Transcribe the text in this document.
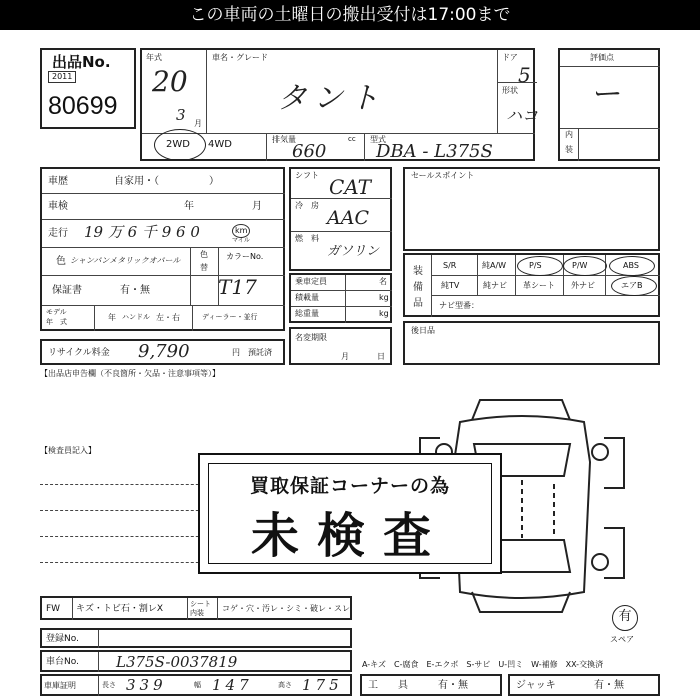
この車両の土曜日の搬出受付は17:00まで
出品No.
2011
80699
年式
20
3 月
車名・グレード
タント
ドア
5
形状
ハコ
2WD 4WD	排気量	cc
660
型式
DBA - L375S
評価点
ー
内
装
車歴	自家用・（　　　　　）
車検	年	月
走行 19 万 6 千 9 6 0	km
マイル
色 シャンパンメタリックオパール
色
替
カラーNo.
保証書	有・無	T17
モデル
年　式	年 ハンドル 左・右	ディーラー・並行
リサイクル料金 9,790	円 預託済
シフト CAT
冷　房
AAC
燃　料
ガソリン
乗車定員	名
積載量	kg
総重量	kg
名変期限
月	日
セールスポイント
装
備
品
S/R	純A/W	P/S	P/W	ABS
純TV	純ナビ 革シート 外ナビ	エアB
ナビ型番：
後日品
【出品店申告欄（不良箇所・欠品・注意事項等）】
【検査員記入】
買取保証コーナーの為
未検査
FW キズ・トビ石・割レX	シート
内装 コゲ・穴・汚レ・シミ・破レ・スレ
有
スペア
登録No.
車台No. L375S-0037819
車庫証明	長さ 339	幅 147	高さ 175
A-キズ　C-腐食　E-エクボ　S-サビ　U-凹ミ　W-補修　XX-交換済
工　　具	有・無	ジャッキ	有・無
